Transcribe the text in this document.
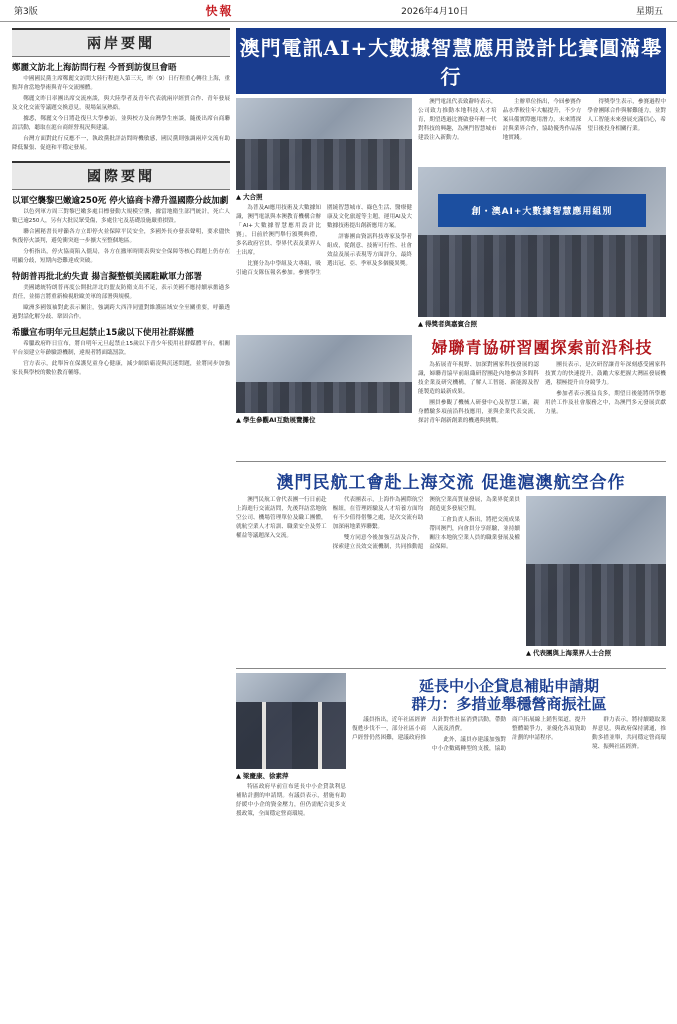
第3版	快報	2026年4月10日	星期五
兩岸要聞
鄭麗文訪北上海訪問行程 今晉到訪復旦會晤

中國國民黨主席鄭麗文訪問大陸行程進入第三天，昨（9）日行程重心轉往上海，重點拜會當地學術與青年交流團體。

鄭麗文昨日率團出席交流座談，與大陸學者及青年代表就兩岸經貿合作、青年發展及文化交流等議題交換意見，現場氣氛熱絡。

據悉，鄭麗文今日將赴復旦大學參訪，並與校方及台灣學生座談，隨後出席台商聯誼活動，聽取在滬台商經營現況與建議。

台灣方面對此行反應不一，執政黨批評訪問時機敏感，國民黨則強調兩岸交流有助降低緊張、促進和平穩定發展。

國際要聞
以軍空襲黎巴嫩逾250死 停火協商卡滯升溫國際分歧加劇

以色列軍方周三對黎巴嫩多處目標發動大規模空襲，據當地衛生部門統計，死亡人數已逾250人，另有大批民眾受傷，多處住宅及基礎設施嚴重損毀。

聯合國秘書長呼籲各方立即停火並保障平民安全，多國外長亦發表聲明，要求儘快恢復停火談判，避免衝突進一步擴大至整個地區。

分析指出，停火協商陷入僵局，各方在撤軍時間表與安全保障等核心問題上仍存在明顯分歧，短期內恐難達成突破。

特朗普再批北約失責 揚言擬整頓美國駐歐軍力部署

美國總統特朗普再度公開批評北約盟友防衛支出不足，表示美國不應持續承擔過多責任，並揚言將重新檢視駐歐美軍的部署與規模。

歐洲多國領袖對此表示關注，強調跨大西洋同盟對維護區域安全至關重要，呼籲透過對話化解分歧、鞏固合作。

希臘宣布明年元旦起禁止15歲以下使用社群媒體

希臘政府昨日宣布，將自明年元旦起禁止15歲以下青少年使用社群媒體平台，相關平台須建立年齡驗證機制，違規者將面臨罰款。

官方表示，此舉旨在保護兒童身心健康，減少網絡霸凌與沉迷問題，並將同步加強家長與學校的數位教育輔導。

澳門電訊AI+大數據智慧應用設計比賽圓滿舉行
▲ 大合照

為普及AI應用技術及大數據知識，澳門電訊與本澳教育機構合辦「AI+大數據智慧應用設計比賽」，日前於澳門舉行頒獎典禮，多名政府官員、學界代表及業界人士出席。

比賽分為中學組及大專組，吸引逾百支隊伍報名參加。參賽學生圍繞智慧城市、綠色生活、醫療健康及文化旅遊等主題，運用AI及大數據技術提出創新應用方案。

評審團由資訊科技專家及學者組成，從創意、技術可行性、社會效益及展示表現等方面評分，最終選出冠、亞、季軍及多個優異獎。

▲ 學生參觀AI互動展覽攤位

澳門電訊代表致辭時表示，公司致力推動本地科技人才培育，期望透過比賽啟發年輕一代對科技的興趣，為澳門智慧城市建設注入新動力。

主辦單位指出，今屆參賽作品水準較往年大幅提升，不少方案具備實際應用潛力，未來將探討與業界合作，協助優秀作品落地實踐。

得獎學生表示，參賽過程中學會團隊合作與解難能力，並對人工智能未來發展充滿信心，希望日後投身相關行業。

創・澳AI+大數據智慧應用組別
▲ 得獎者與嘉賓合照
婦聯青協研習團探索前沿科技

為拓展青年視野、加深對國家科技發展的認識，婦聯青協早前組織研習團赴內地參訪多間科技企業及研究機構，了解人工智能、新能源及智能製造的最新成果。

團員參觀了機械人研發中心及智慧工廠，親身體驗多項前沿科技應用，並與企業代表交流，探討青年創新創業的機遇與挑戰。

團長表示，是次研習讓青年深刻感受國家科技實力的快速提升，鼓勵大家把握大灣區發展機遇，積極提升自身競爭力。

參加者表示獲益良多，期望日後能將所學應用於工作及社會服務之中，為澳門多元發展貢獻力量。

澳門民航工會赴上海交流 促進滬澳航空合作

澳門民航工會代表團一行日前赴上海進行交流訪問，先後拜訪當地航空公司、機場管理單位及職工團體，就航空業人才培訓、職業安全及勞工權益等議題深入交流。

代表團表示，上海作為國際航空樞紐，在管理經驗及人才培養方面均有不少值得借鑒之處，是次交流有助加深兩地業界聯繫。

雙方同意今後加強互訪及合作，探索建立長效交流機制，共同推動滬澳航空業高質量發展，為業界從業員創造更多發展空間。

工會負責人指出，將把交流成果帶回澳門，向會員分享經驗，並持續關注本地航空業人員的職業發展及權益保障。

▲ 代表團與上海業界人士合照
▲ 梁慶康、徐素萍

特區政府早前宣布延長中小企貸款利息補貼計劃的申請期。有議員表示，措施有助紓緩中小企的資金壓力，但仍需配合更多支援政策，全面穩定營商環境。

延長中小企貸息補貼申請期
群力：多措並舉穩營商振社區

議員指出，近年社區經濟復甦步伐不一，部分社區小商戶經營仍然困難，建議政府推出針對性社區消費活動，帶動人流及消費。

此外，議員亦建議加強對中小企數碼轉型的支援，協助商戶拓展線上銷售渠道，提升整體競爭力，並優化各項資助計劃的申請程序。

群力表示，將持續聽取業界意見，與政府保持溝通，推動多措並舉，共同穩定營商環境、振興社區經濟。
